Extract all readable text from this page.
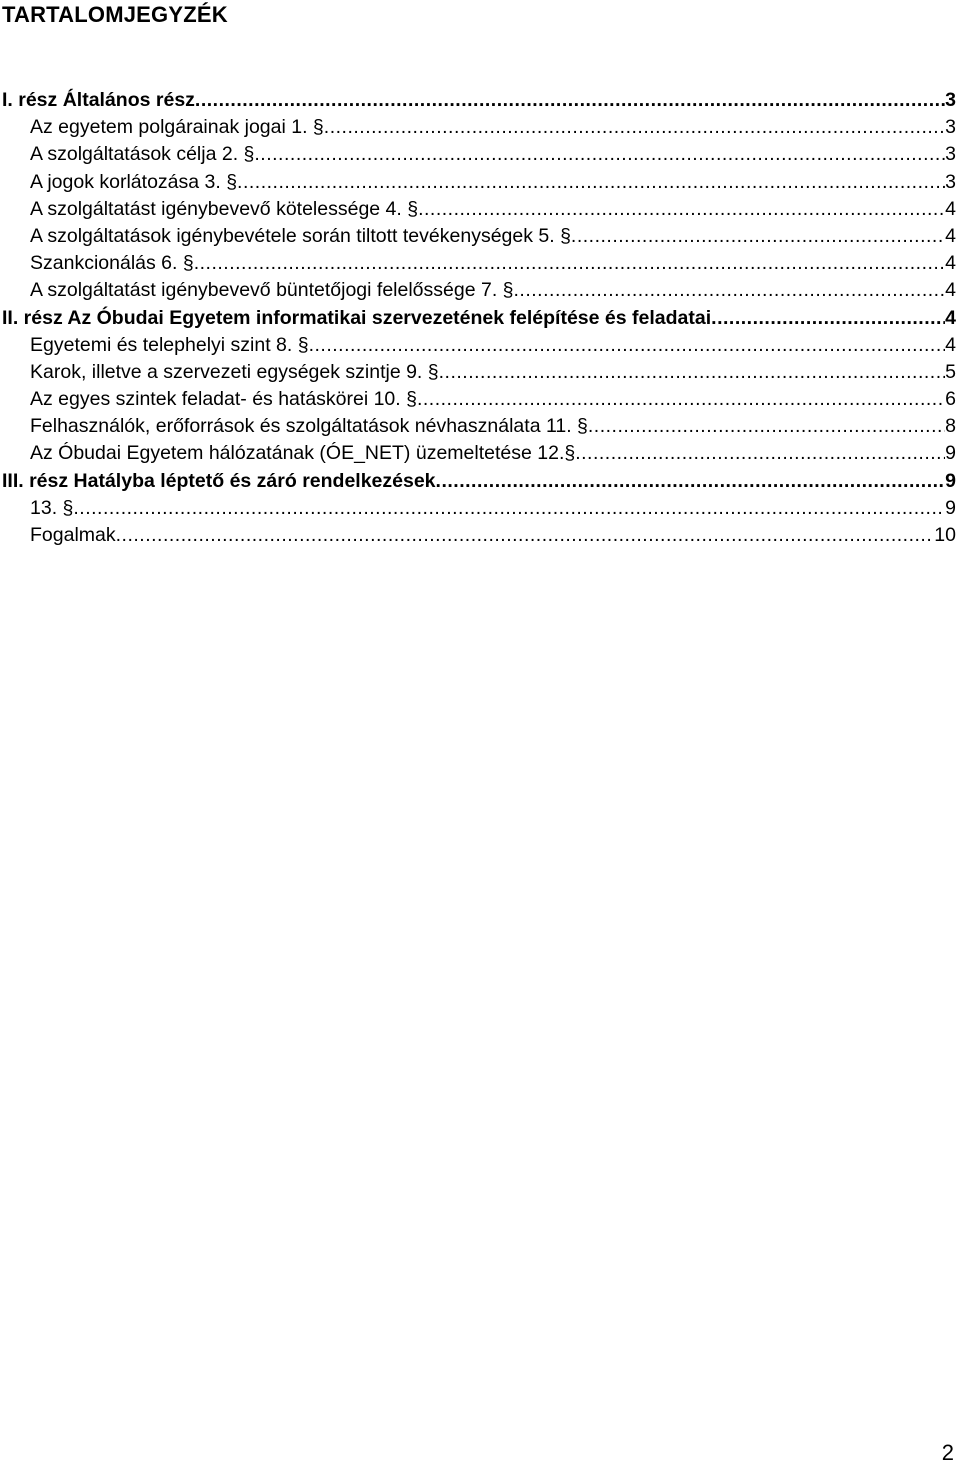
TARTALOMJEGYZÉK
I. rész Általános rész .....	3
Az egyetem polgárainak jogai 1. § .....	3
A szolgáltatások célja 2. § .....	3
A jogok korlátozása 3. § .....	3
A szolgáltatást igénybevevő kötelessége 4. § .....	4
A szolgáltatások igénybevétele során tiltott tevékenységek 5. § .....	4
Szankcionálás 6. § .....	4
A szolgáltatást igénybevevő büntetőjogi felelőssége 7. § .....	4
II. rész Az Óbudai Egyetem informatikai szervezetének felépítése és feladatai .....	4
Egyetemi és telephelyi szint 8. § .....	4
Karok, illetve a szervezeti egységek szintje 9. § .....	5
Az egyes szintek feladat- és hatáskörei 10. § .....	6
Felhasználók, erőforrások és szolgáltatások névhasználata 11. § .....	8
Az Óbudai Egyetem hálózatának (ÓE_NET) üzemeltetése 12.§ .....	9
III. rész Hatályba léptető és záró rendelkezések .....	9
13. § .....	9
Fogalmak .....	10
2
